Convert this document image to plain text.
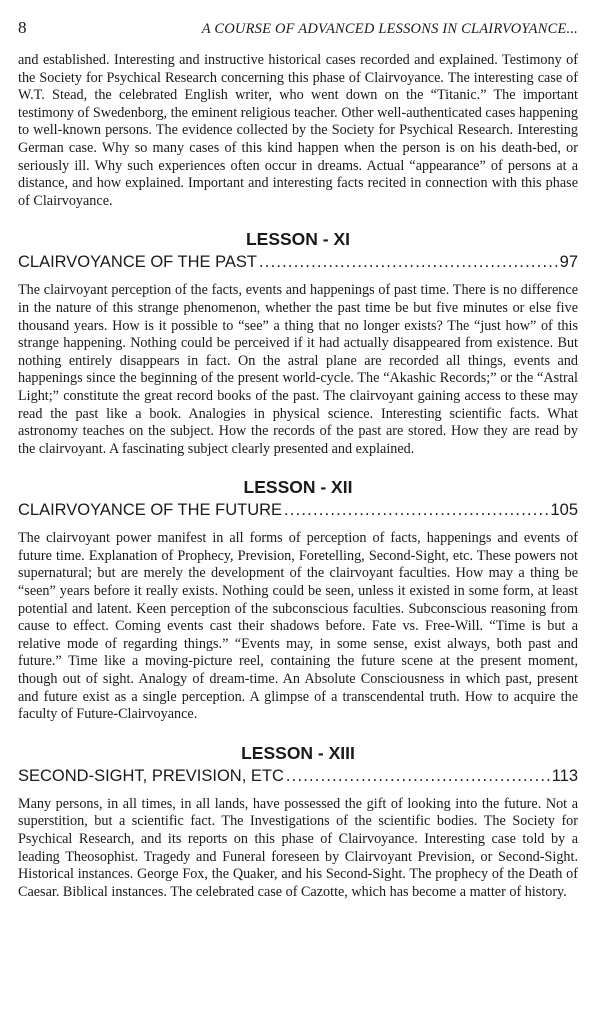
8	A COURSE OF ADVANCED LESSONS IN CLAIRVOYANCE...

and established. Interesting and instructive historical cases recorded and explained. Testimony of the Society for Psychical Research concerning this phase of Clairvoyance. The interesting case of W.T. Stead, the celebrated English writer, who went down on the “Titanic.” The important testimony of Swedenborg, the eminent religious teacher. Other well-authenticated cases happening to well-known persons. The evidence collected by the Society for Psychical Research. Interesting German case. Why so many cases of this kind happen when the person is on his death-bed, or seriously ill. Why such experiences often occur in dreams. Actual “appearance” of persons at a distance, and how explained. Important and interesting facts recited in connection with this phase of Clairvoyance.

LESSON - XI
CLAIRVOYANCE OF THE PAST .....	97

The clairvoyant perception of the facts, events and happenings of past time. There is no difference in the nature of this strange phenomenon, whether the past time be but five minutes or else five thousand years. How is it possible to “see” a thing that no longer exists? The “just how” of this strange happening. Nothing could be perceived if it had actually disappeared from existence. But nothing entirely disappears in fact. On the astral plane are recorded all things, events and happenings since the beginning of the present world-cycle. The “Akashic Records;” or the “Astral Light;” constitute the great record books of the past. The clairvoyant gaining access to these may read the past like a book. Analogies in physical science. Interesting scientific facts. What astronomy teaches on the subject. How the records of the past are stored. How they are read by the clairvoyant. A fascinating subject clearly presented and explained.

LESSON - XII
CLAIRVOYANCE OF THE FUTURE .....	105

The clairvoyant power manifest in all forms of perception of facts, happenings and events of future time. Explanation of Prophecy, Prevision, Foretelling, Second-Sight, etc. These powers not supernatural; but are merely the development of the clairvoyant faculties. How may a thing be “seen” years before it really exists. Nothing could be seen, unless it existed in some form, at least potential and latent. Keen perception of the subconscious faculties. Subconscious reasoning from cause to effect. Coming events cast their shadows before. Fate vs. Free-Will. “Time is but a relative mode of regarding things.” “Events may, in some sense, exist always, both past and future.” Time like a moving-picture reel, containing the future scene at the present moment, though out of sight. Analogy of dream-time. An Absolute Consciousness in which past, present and future exist as a single perception. A glimpse of a transcendental truth. How to acquire the faculty of Future-Clairvoyance.

LESSON - XIII
SECOND-SIGHT, PREVISION, ETC .....	113

Many persons, in all times, in all lands, have possessed the gift of looking into the future. Not a superstition, but a scientific fact. The Investigations of the scientific bodies. The Society for Psychical Research, and its reports on this phase of Clairvoyance. Interesting case told by a leading Theosophist. Tragedy and Funeral foreseen by Clairvoyant Prevision, or Second-Sight. Historical instances. George Fox, the Quaker, and his Second-Sight. The prophecy of the Death of Caesar. Biblical instances. The celebrated case of Cazotte, which has become a matter of history.
